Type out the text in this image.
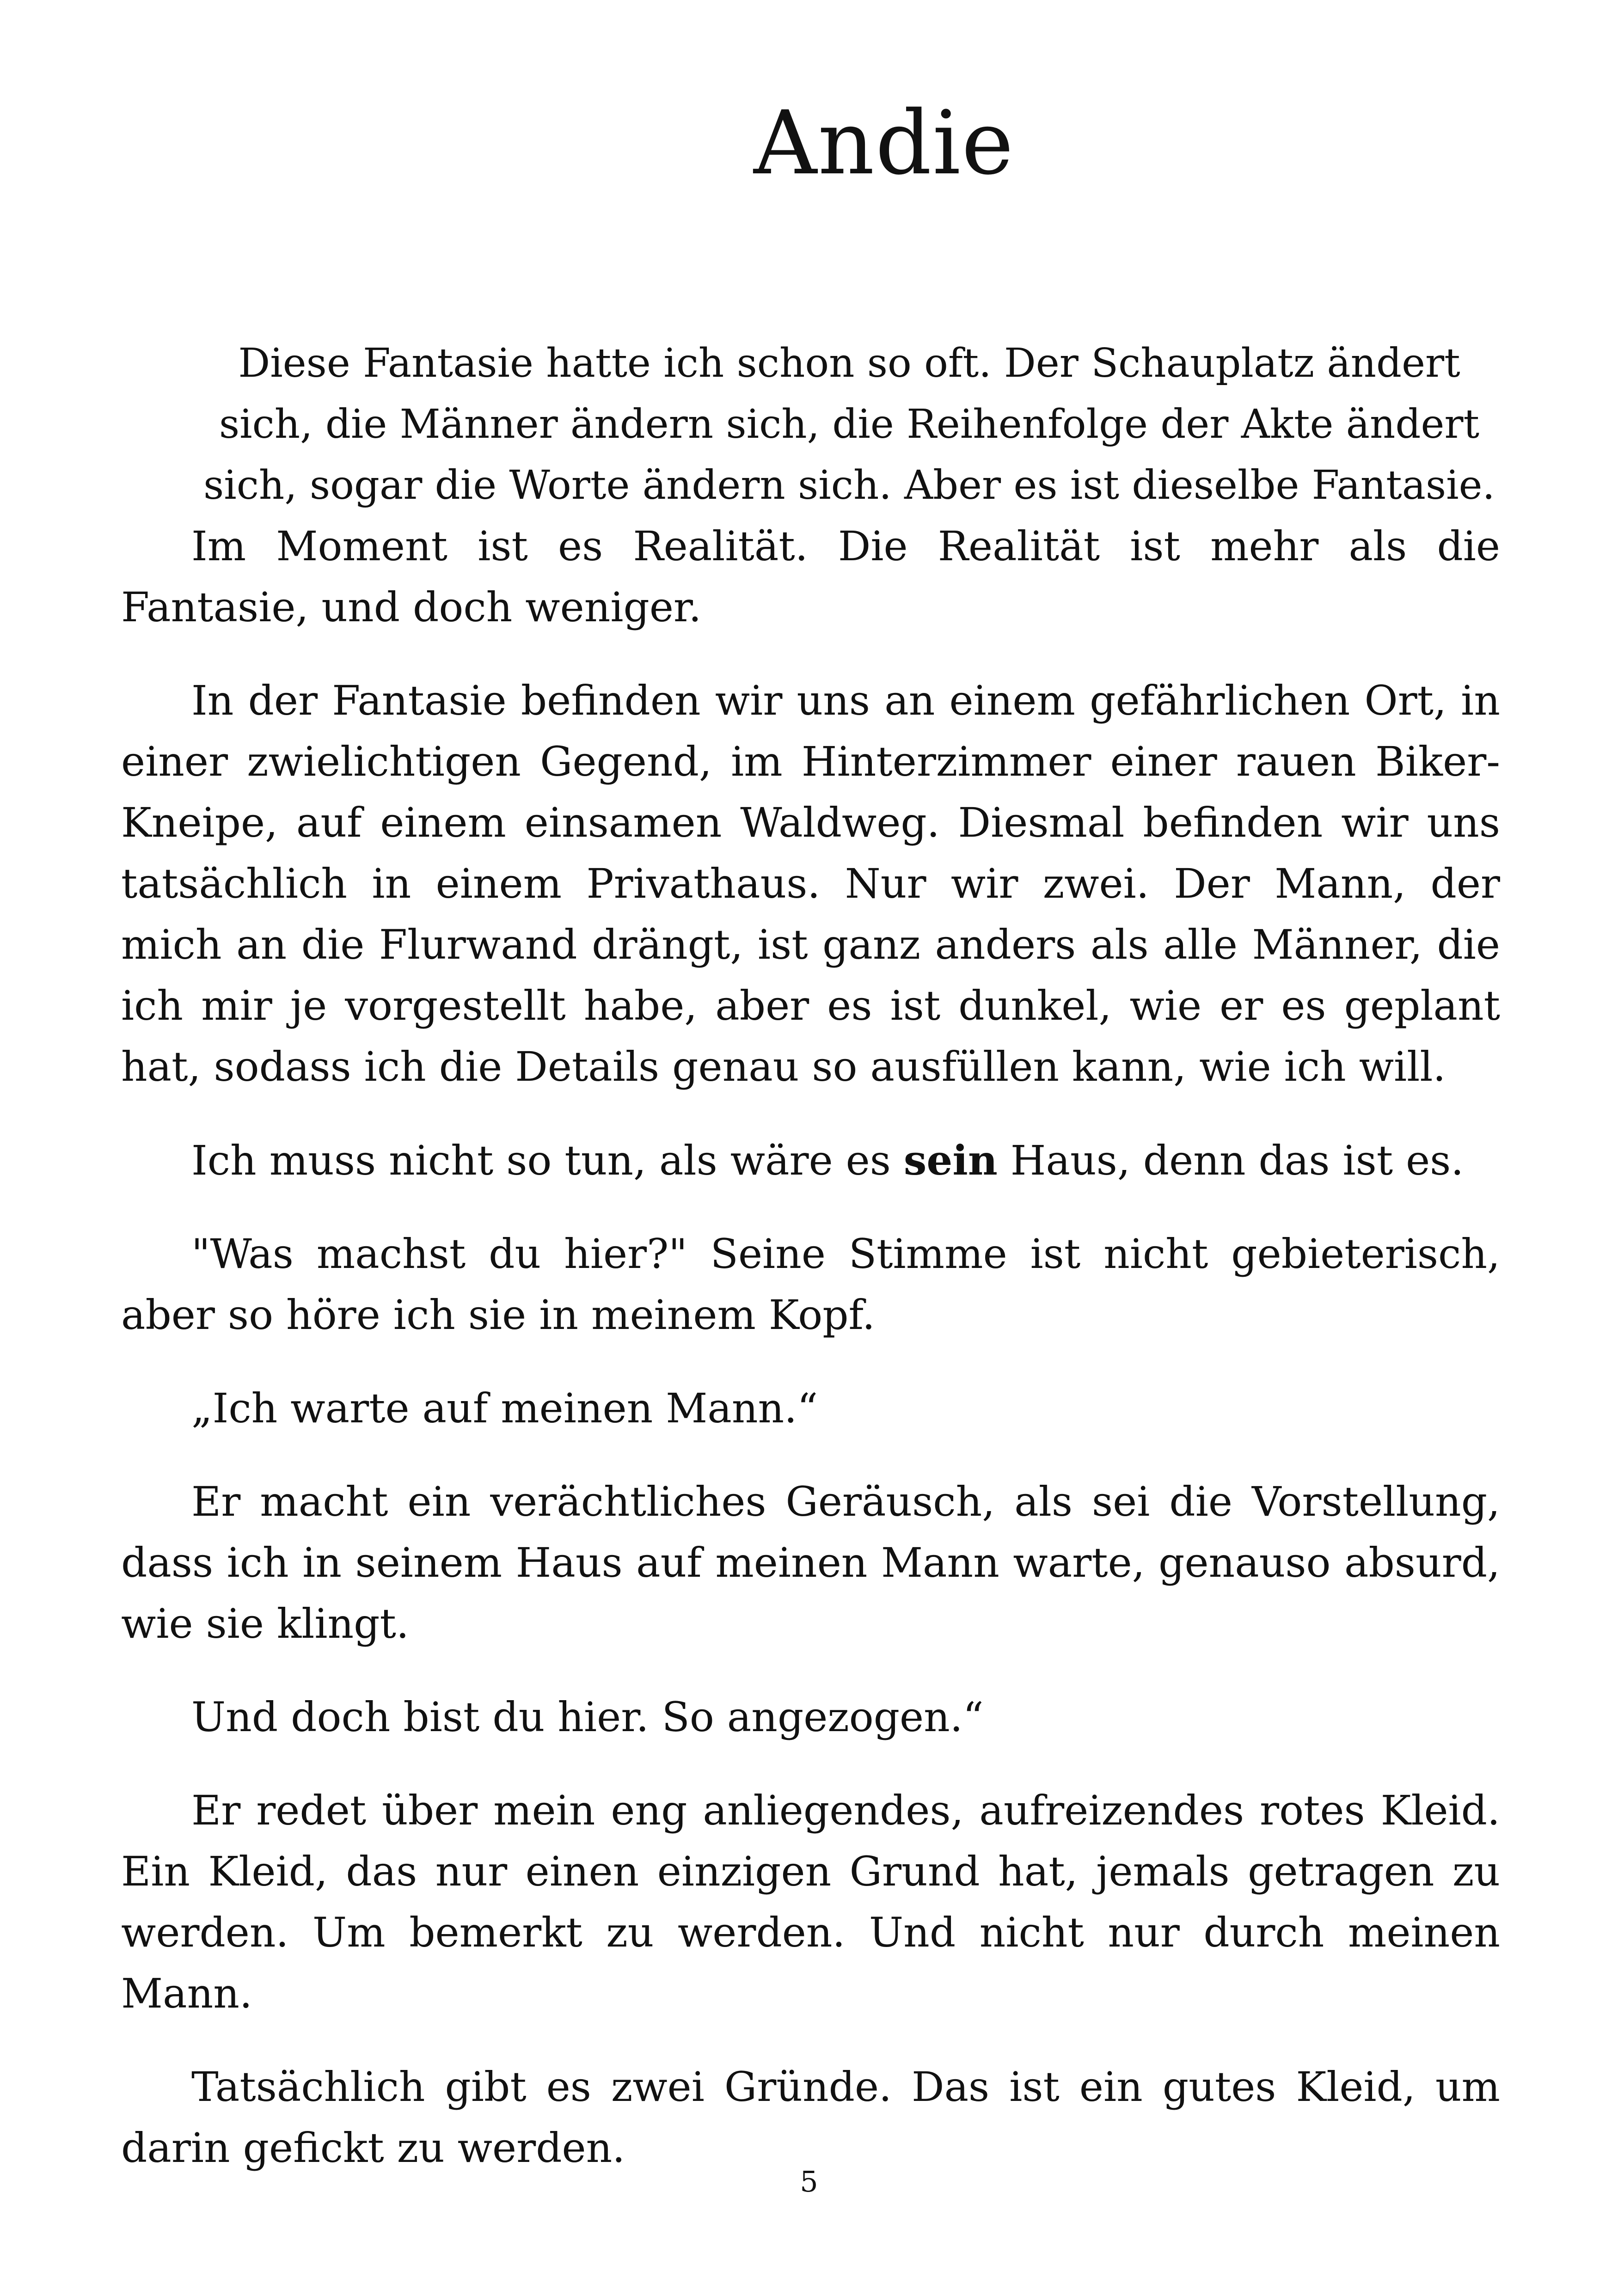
Andie
Diese Fantasie hatte ich schon so oft. Der Schauplatz ändert
sich, die Männer ändern sich, die Reihenfolge der Akte ändert
sich, sogar die Worte ändern sich. Aber es ist dieselbe Fantasie.

Im Moment ist es Realität. Die Realität ist mehr als die Fantasie, und doch weniger.

In der Fantasie befinden wir uns an einem gefährlichen Ort, in einer zwielichtigen Gegend, im Hinterzimmer einer rauen Biker-Kneipe, auf einem einsamen Waldweg. Diesmal befinden wir uns tatsächlich in einem Privathaus. Nur wir zwei. Der Mann, der mich an die Flurwand drängt, ist ganz anders als alle Männer, die ich mir je vorgestellt habe, aber es ist dunkel, wie er es geplant hat, sodass ich die Details genau so ausfüllen kann, wie ich will.

Ich muss nicht so tun, als wäre es sein Haus, denn das ist es.

"Was machst du hier?" Seine Stimme ist nicht gebieterisch, aber so höre ich sie in meinem Kopf.

„Ich warte auf meinen Mann.“

Er macht ein verächtliches Geräusch, als sei die Vorstellung, dass ich in seinem Haus auf meinen Mann warte, genauso absurd, wie sie klingt.

Und doch bist du hier. So angezogen.“

Er redet über mein eng anliegendes, aufreizendes rotes Kleid. Ein Kleid, das nur einen einzigen Grund hat, jemals getragen zu werden. Um bemerkt zu werden. Und nicht nur durch meinen Mann.

Tatsächlich gibt es zwei Gründe. Das ist ein gutes Kleid, um darin gefickt zu werden.

5
